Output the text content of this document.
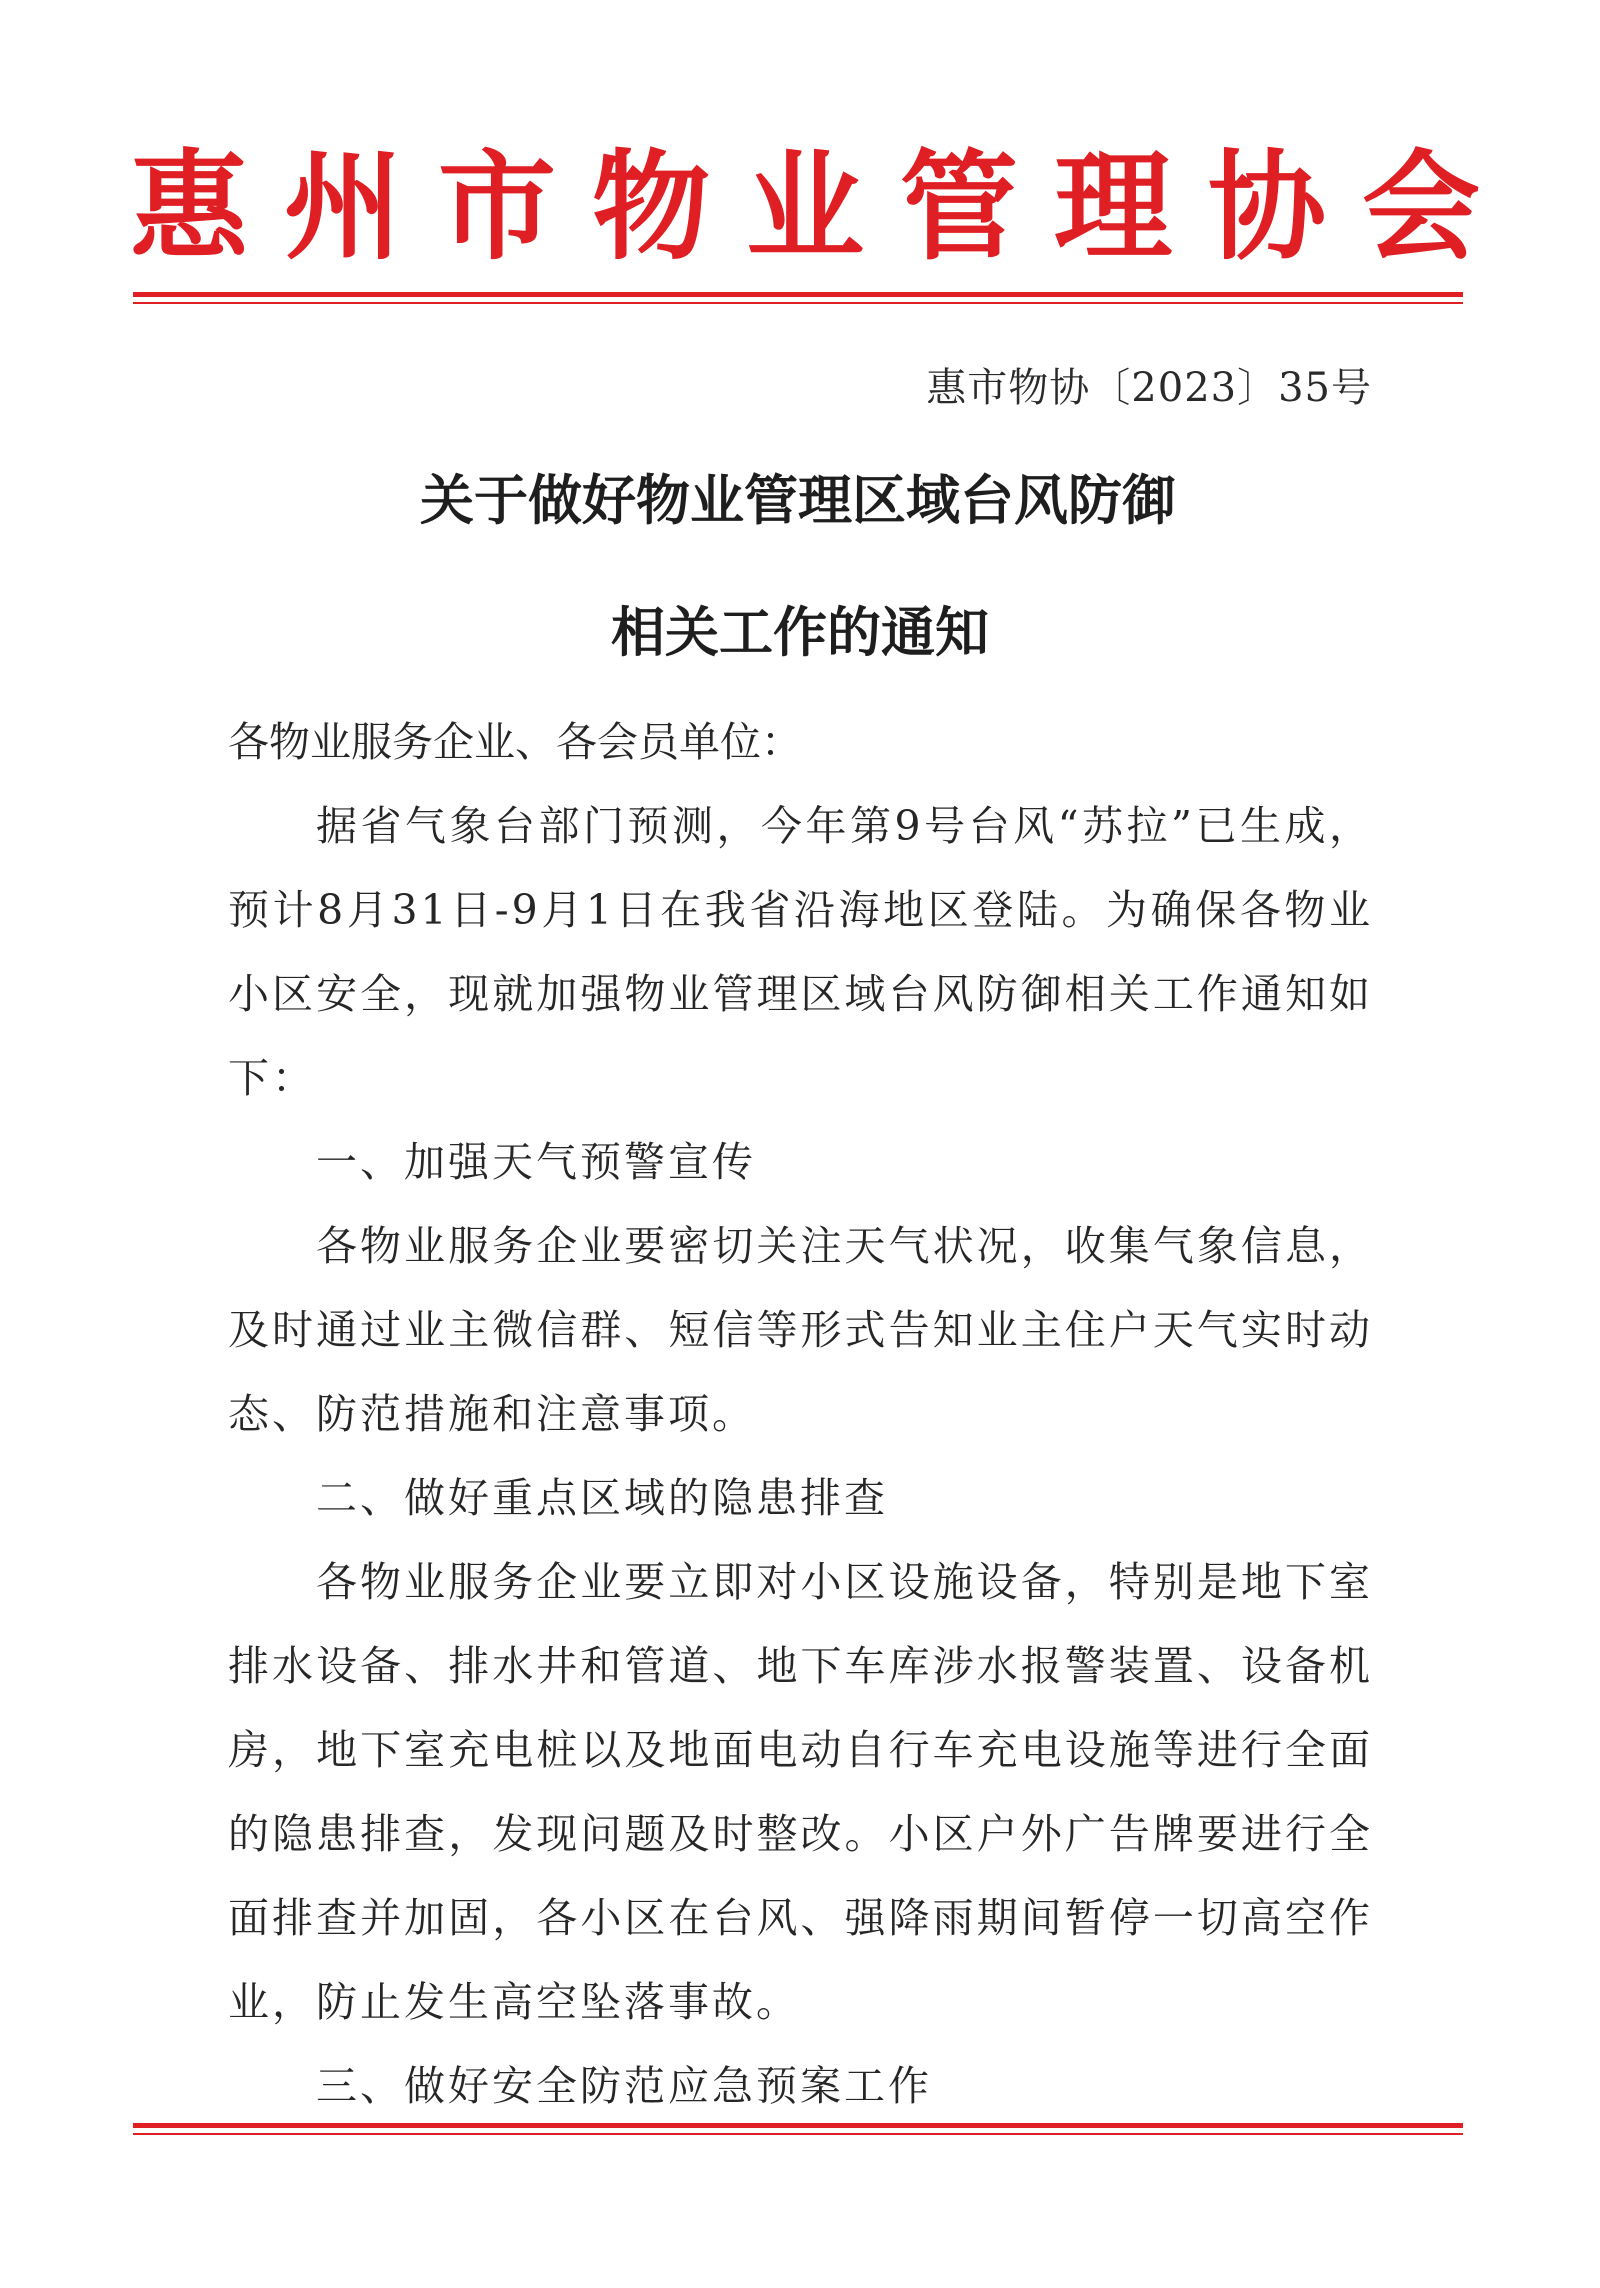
惠州市物业管理协会
惠市物协〔2023〕35号
关于做好物业管理区域台风防御
相关工作的通知
各物业服务企业、各会员单位：

据省气象台部门预测，今年第9号台风“苏拉”已生成，预计8月31日-9月1日在我省沿海地区登陆。为确保各物业小区安全，现就加强物业管理区域台风防御相关工作通知如下：

一、加强天气预警宣传

各物业服务企业要密切关注天气状况，收集气象信息，及时通过业主微信群、短信等形式告知业主住户天气实时动态、防范措施和注意事项。

二、做好重点区域的隐患排查

各物业服务企业要立即对小区设施设备，特别是地下室排水设备、排水井和管道、地下车库涉水报警装置、设备机房，地下室充电桩以及地面电动自行车充电设施等进行全面的隐患排查，发现问题及时整改。小区户外广告牌要进行全面排查并加固，各小区在台风、强降雨期间暂停一切高空作业，防止发生高空坠落事故。

三、做好安全防范应急预案工作
